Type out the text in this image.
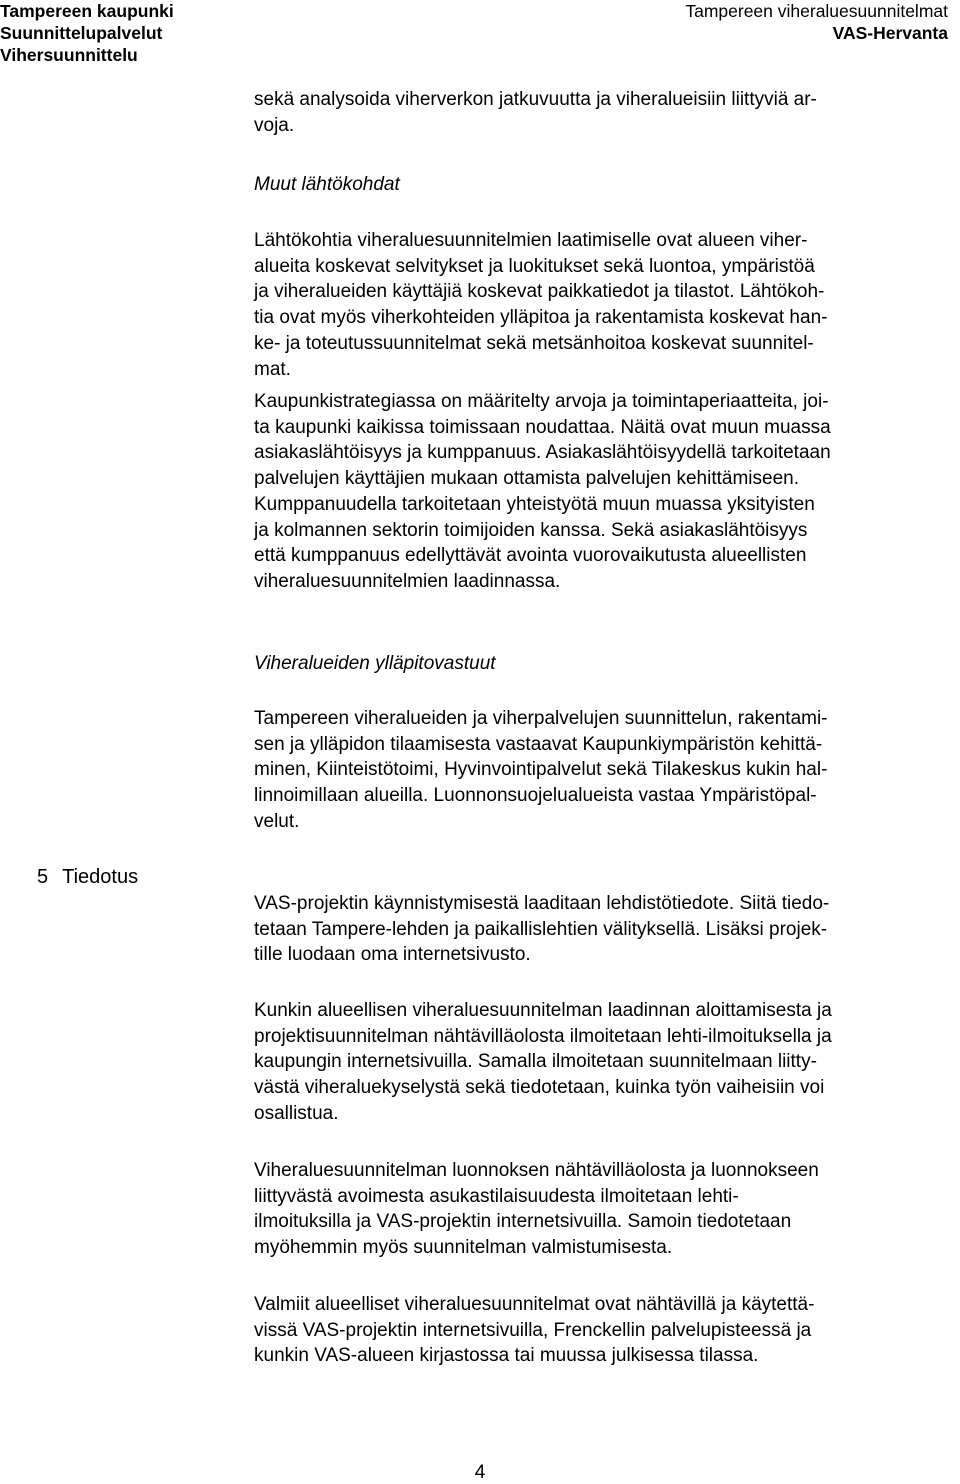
Tampereen kaupunki
Suunnittelupalvelut
Vihersuunnittelu
Tampereen viheraluesuunnitelmat
VAS-Hervanta

sekä analysoida viherverkon jatkuvuutta ja viheralueisiin liittyviä ar-

voja.

Muut lähtökohdat

Lähtökohtia viheraluesuunnitelmien laatimiselle ovat alueen viher-

alueita koskevat selvitykset ja luokitukset sekä luontoa, ympäristöä

ja viheralueiden käyttäjiä koskevat paikkatiedot ja tilastot. Lähtökoh-

tia ovat myös viherkohteiden ylläpitoa ja rakentamista koskevat han-

ke- ja toteutussuunnitelmat sekä metsänhoitoa koskevat suunnitel-

mat.

Kaupunkistrategiassa on määritelty arvoja ja toimintaperiaatteita, joi-

ta kaupunki kaikissa toimissaan noudattaa. Näitä ovat muun muassa

asiakaslähtöisyys ja kumppanuus. Asiakaslähtöisyydellä tarkoitetaan

palvelujen käyttäjien mukaan ottamista palvelujen kehittämiseen.

Kumppanuudella tarkoitetaan yhteistyötä muun muassa yksityisten

ja kolmannen sektorin toimijoiden kanssa. Sekä asiakaslähtöisyys

että kumppanuus edellyttävät avointa vuorovaikutusta alueellisten

viheraluesuunnitelmien laadinnassa.

Viheralueiden ylläpitovastuut

Tampereen viheralueiden ja viherpalvelujen suunnittelun, rakentami-

sen ja ylläpidon tilaamisesta vastaavat Kaupunkiympäristön kehittä-

minen, Kiinteistötoimi, Hyvinvointipalvelut sekä Tilakeskus kukin hal-

linnoimillaan alueilla. Luonnonsuojelualueista vastaa Ympäristöpal-

velut.

5 Tiedotus

VAS-projektin käynnistymisestä laaditaan lehdistötiedote. Siitä tiedo-

tetaan Tampere-lehden ja paikallislehtien välityksellä. Lisäksi projek-

tille luodaan oma internetsivusto.

Kunkin alueellisen viheraluesuunnitelman laadinnan aloittamisesta ja

projektisuunnitelman nähtävilläolosta ilmoitetaan lehti-ilmoituksella ja

kaupungin internetsivuilla. Samalla ilmoitetaan suunnitelmaan liitty-

västä viheraluekyselystä sekä tiedotetaan, kuinka työn vaiheisiin voi

osallistua.

Viheraluesuunnitelman luonnoksen nähtävilläolosta ja luonnokseen

liittyvästä avoimesta asukastilaisuudesta ilmoitetaan lehti-

ilmoituksilla ja VAS-projektin internetsivuilla. Samoin tiedotetaan

myöhemmin myös suunnitelman valmistumisesta.

Valmiit alueelliset viheraluesuunnitelmat ovat nähtävillä ja käytettä-

vissä VAS-projektin internetsivuilla, Frenckellin palvelupisteessä ja

kunkin VAS-alueen kirjastossa tai muussa julkisessa tilassa.

4
